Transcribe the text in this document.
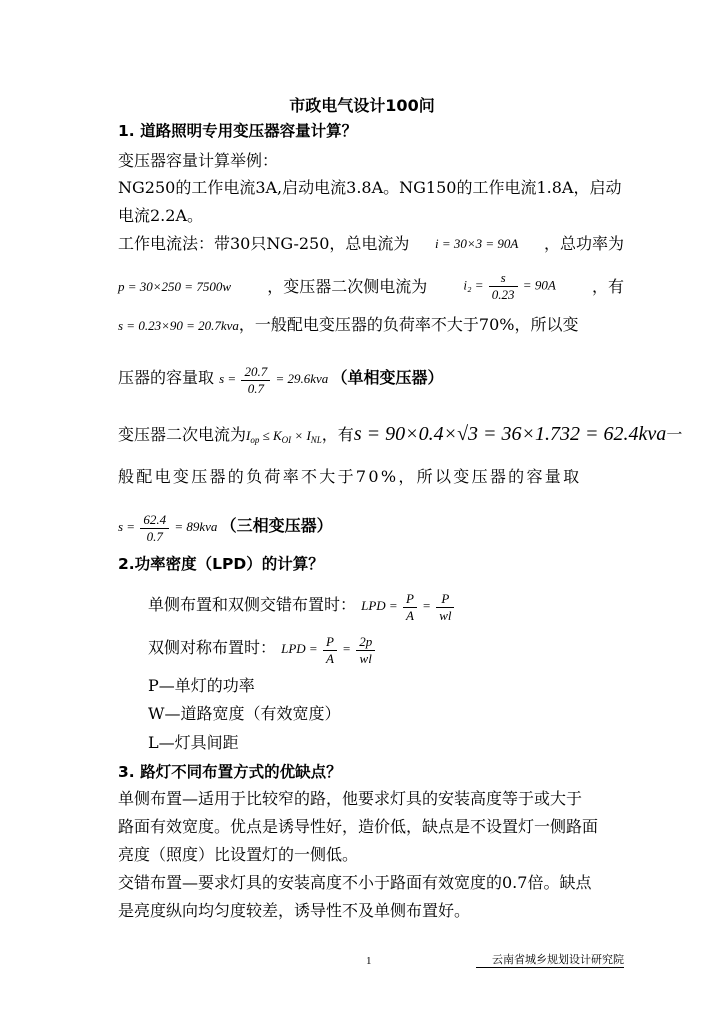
市政电气设计100问
1. 道路照明专用变压器容量计算？
变压器容量计算举例：
NG250的工作电流3A,启动电流3.8A。NG150的工作电流1.8A，启动
电流2.2A。
工作电流法：带30只NG-250，总电流为 i = 30×3 = 90A ，总功率为
p = 30×250 = 7500w ，变压器二次侧电流为	$i_2 = \frac{s}{0.23} = 90A$ ，有
s = 0.23×90 = 20.7kva，一般配电变压器的负荷率不大于70%，所以变
压器的容量取 $s = \frac{20.7}{0.7} = 29.6kva$ （单相变压器）
变压器二次电流为$I_{op} \le K_{OI} \times I_{NL}$，有s = 90×0.4×√3 = 36×1.732 = 62.4kva一
般配电变压器的负荷率不大于70%，所以变压器的容量取
$s = \frac{62.4}{0.7} = 89kva$ （三相变压器）
2.功率密度（LPD）的计算？
单侧布置和双侧交错布置时： LPD = $\frac{P}{A} = \frac{P}{wl}$
双侧对称布置时： LPD = $\frac{P}{A} = \frac{2p}{wl}$
P—单灯的功率
W—道路宽度（有效宽度）
L—灯具间距
3. 路灯不同布置方式的优缺点？
单侧布置—适用于比较窄的路，他要求灯具的安装高度等于或大于
路面有效宽度。优点是诱导性好，造价低，缺点是不设置灯一侧路面
亮度（照度）比设置灯的一侧低。
交错布置—要求灯具的安装高度不小于路面有效宽度的0.7倍。缺点
是亮度纵向均匀度较差，诱导性不及单侧布置好。
1	云南省城乡规划设计研究院
